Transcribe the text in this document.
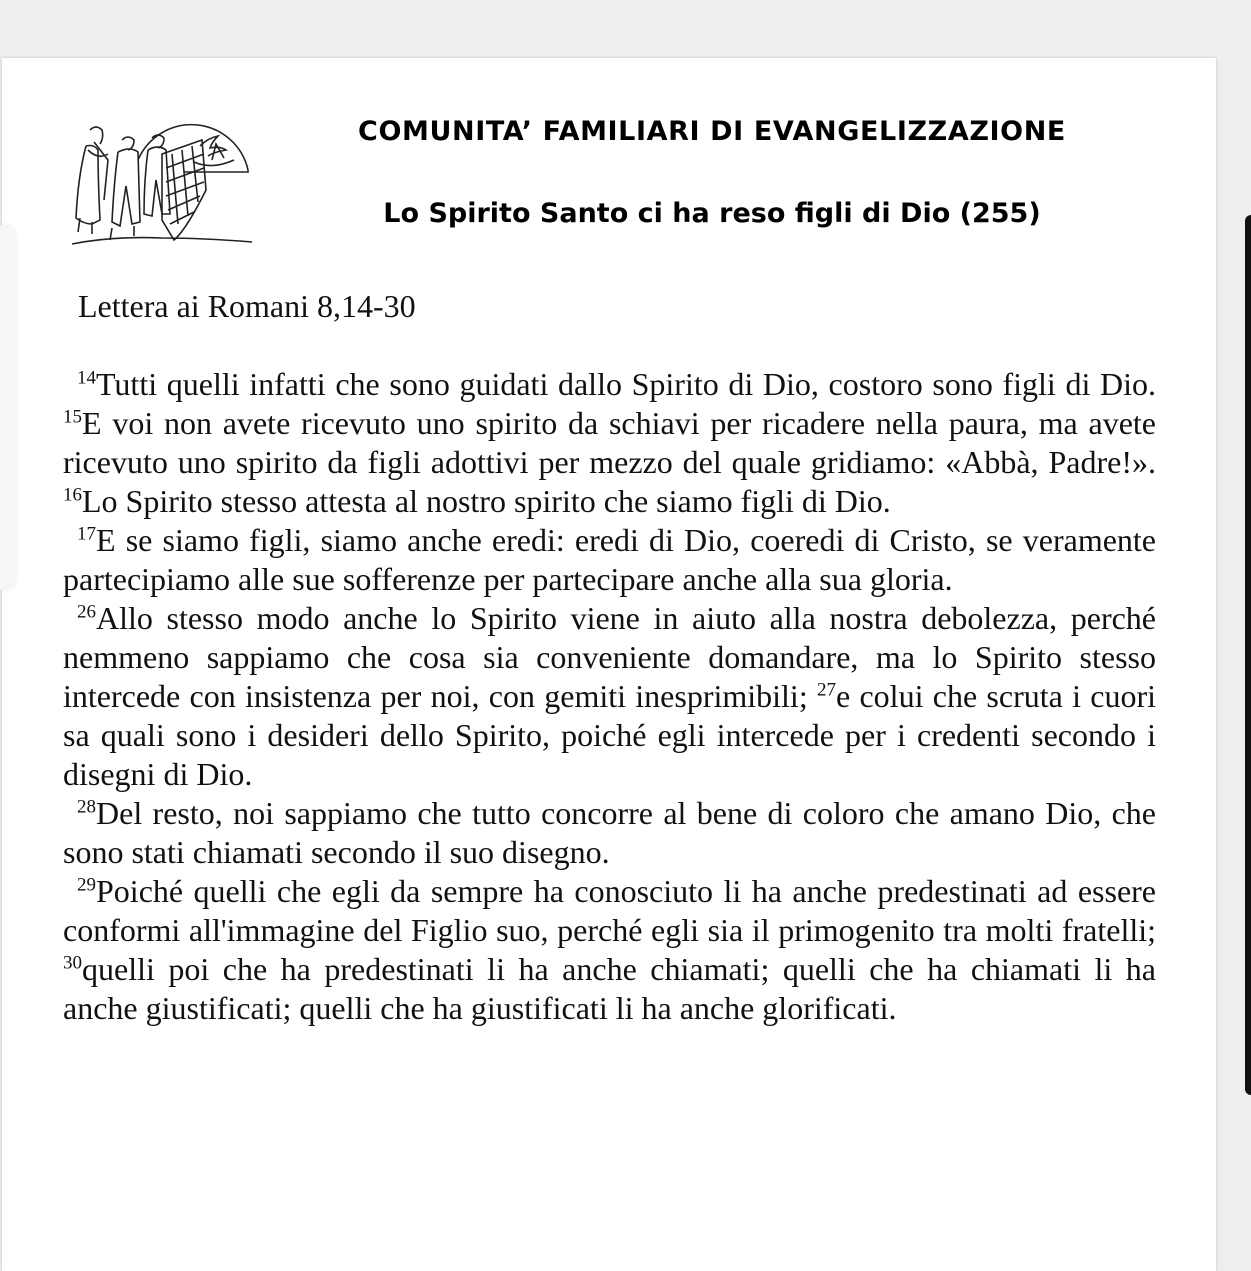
COMUNITA’ FAMILIARI DI EVANGELIZZAZIONE
Lo Spirito Santo ci ha reso figli di Dio (255)
Lettera ai Romani 8,14-30

$^{14}$Tutti quelli infatti che sono guidati dallo Spirito di Dio, costoro sono figli di Dio. $^{15}$E voi non avete ricevuto uno spirito da schiavi per ricadere nella paura, ma avete ricevuto uno spirito da figli adottivi per mezzo del quale gridiamo: «Abbà, Padre!». $^{16}$Lo Spirito stesso attesta al nostro spirito che siamo figli di Dio.

$^{17}$E se siamo figli, siamo anche eredi: eredi di Dio, coeredi di Cristo, se veramente partecipiamo alle sue sofferenze per partecipare anche alla sua gloria.

$^{26}$Allo stesso modo anche lo Spirito viene in aiuto alla nostra debolezza, perché nemmeno sappiamo che cosa sia conveniente domandare, ma lo Spirito stesso intercede con insistenza per noi, con gemiti inesprimibili; $^{27}$e colui che scruta i cuori sa quali sono i desideri dello Spirito, poiché egli intercede per i credenti secondo i disegni di Dio.

$^{28}$Del resto, noi sappiamo che tutto concorre al bene di coloro che amano Dio, che sono stati chiamati secondo il suo disegno.

$^{29}$Poiché quelli che egli da sempre ha conosciuto li ha anche predestinati ad essere conformi all'immagine del Figlio suo, perché egli sia il primogenito tra molti fratelli; $^{30}$quelli poi che ha predestinati li ha anche chiamati; quelli che ha chiamati li ha anche giustificati; quelli che ha giustificati li ha anche glorificati.
